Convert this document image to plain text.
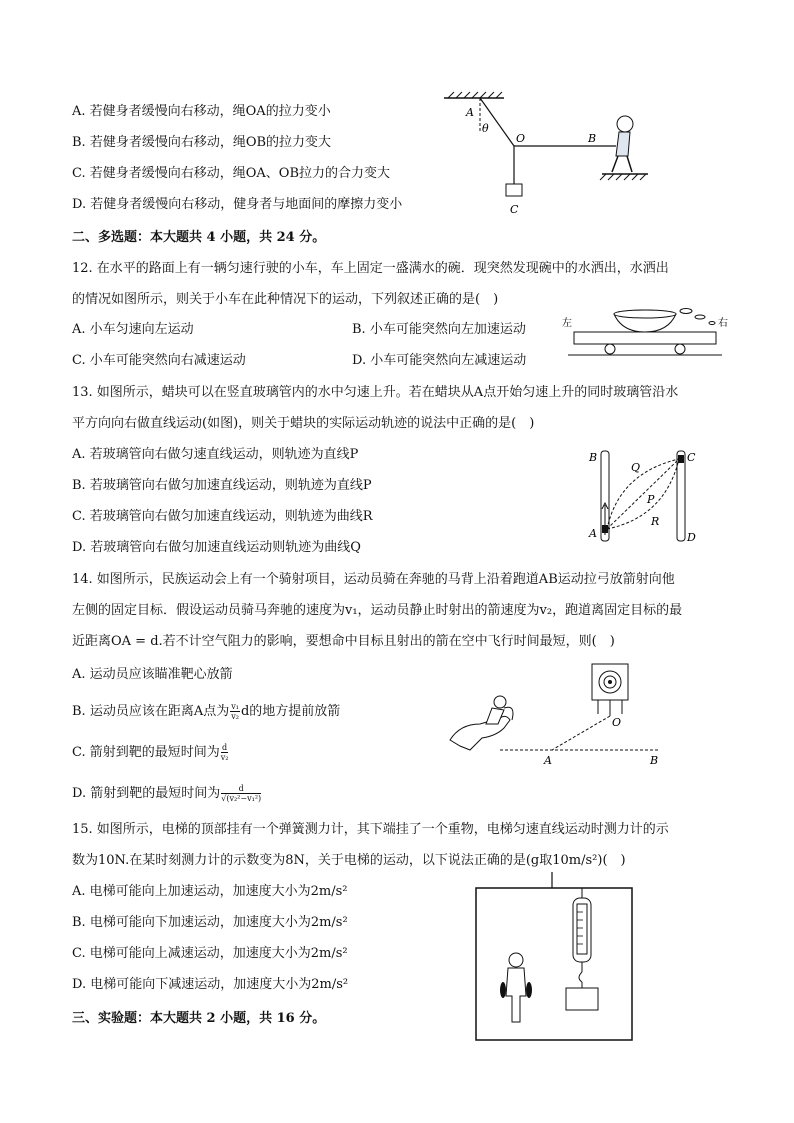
A. 若健身者缓慢向右移动，绳OA的拉力变小
B. 若健身者缓慢向右移动，绳OB的拉力变大
C. 若健身者缓慢向右移动，绳OA、OB拉力的合力变大
D. 若健身者缓慢向右移动，健身者与地面间的摩擦力变小
A
θ
O	B
C
二、多选题：本大题共 4 小题，共 24 分。
12. 在水平的路面上有一辆匀速行驶的小车，车上固定一盛满水的碗．现突然发现碗中的水洒出，水洒出
的情况如图所示，则关于小车在此种情况下的运动，下列叙述正确的是(　)
A. 小车匀速向左运动	B. 小车可能突然向左加速运动
C. 小车可能突然向右减速运动	D. 小车可能突然向左减速运动
左	右
13. 如图所示，蜡块可以在竖直玻璃管内的水中匀速上升。若在蜡块从A点开始匀速上升的同时玻璃管沿水
平方向向右做直线运动(如图)，则关于蜡块的实际运动轨迹的说法中正确的是(　)
A. 若玻璃管向右做匀速直线运动，则轨迹为直线P
B. 若玻璃管向右做匀加速直线运动，则轨迹为直线P
C. 若玻璃管向右做匀加速直线运动，则轨迹为曲线R
D. 若玻璃管向右做匀加速直线运动则轨迹为曲线Q
B
Q
C
P
R
A	D
14. 如图所示，民族运动会上有一个骑射项目，运动员骑在奔驰的马背上沿着跑道AB运动拉弓放箭射向他
左侧的固定目标．假设运动员骑马奔驰的速度为v₁，运动员静止时射出的箭速度为v₂，跑道离固定目标的最
近距离OA = d.若不计空气阻力的影响，要想命中目标且射出的箭在空中飞行时间最短，则(　)
A. 运动员应该瞄准靶心放箭
B. 运动员应该在距离A点为 $\frac{\text{v₁}}{\text{v₂}}$ d的地方提前放箭
C. 箭射到靶的最短时间为 $\frac{d}{\text{v₂}}$
D. 箭射到靶的最短时间为 $\frac{d}{\text{√(v₂²−v₁²)}}$
O
A	B
15. 如图所示，电梯的顶部挂有一个弹簧测力计，其下端挂了一个重物，电梯匀速直线运动时测力计的示
数为10N.在某时刻测力计的示数变为8N，关于电梯的运动，以下说法正确的是(g取10m/s²)(　)
A. 电梯可能向上加速运动，加速度大小为2m/s²
B. 电梯可能向下加速运动，加速度大小为2m/s²
C. 电梯可能向上减速运动，加速度大小为2m/s²
D. 电梯可能向下减速运动，加速度大小为2m/s²
三、实验题：本大题共 2 小题，共 16 分。
